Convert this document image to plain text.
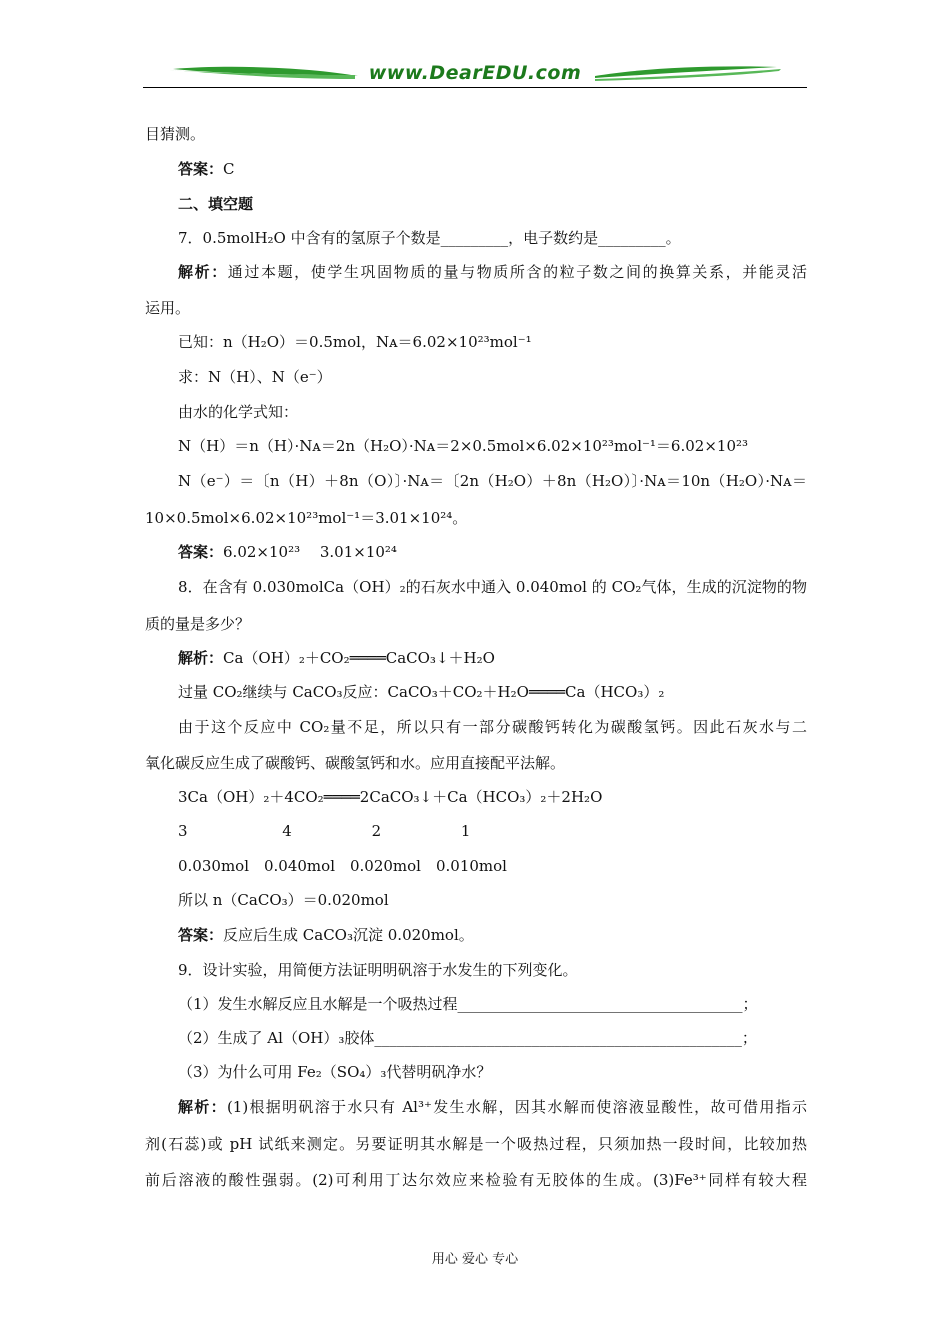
www.DearEDU.com
目猜测。
答案：C
二、填空题
7．0.5molH₂O 中含有的氢原子个数是_________，电子数约是_________。
解析：通过本题，使学生巩固物质的量与物质所含的粒子数之间的换算关系，并能灵活
运用。
已知：n（H₂O）＝0.5mol，Nᴀ＝6.02×10²³mol⁻¹
求：N（H）、N（e⁻）
由水的化学式知：
N（H）＝n（H）·Nᴀ＝2n（H₂O）·Nᴀ＝2×0.5mol×6.02×10²³mol⁻¹＝6.02×10²³
N（e⁻）＝〔n（H）＋8n（O）〕·Nᴀ＝〔2n（H₂O）＋8n（H₂O）〕·Nᴀ＝10n（H₂O）·Nᴀ＝
10×0.5mol×6.02×10²³mol⁻¹＝3.01×10²⁴。
答案：6.02×10²³　 3.01×10²⁴
8．在含有 0.030molCa（OH）₂的石灰水中通入 0.040mol 的 CO₂气体，生成的沉淀物的物
质的量是多少？
解析：Ca（OH）₂＋CO₂════CaCO₃↓＋H₂O
过量 CO₂继续与 CaCO₃反应：CaCO₃＋CO₂＋H₂O════Ca（HCO₃）₂
由于这个反应中 CO₂量不足，所以只有一部分碳酸钙转化为碳酸氢钙。因此石灰水与二
氧化碳反应生成了碳酸钙、碳酸氢钙和水。应用直接配平法解。
3Ca（OH）₂＋4CO₂════2CaCO₃↓＋Ca（HCO₃）₂＋2H₂O
3　　　　　　 4　　　　　 2　　　　　 1
0.030mol　0.040mol　0.020mol　0.010mol
所以 n（CaCO₃）＝0.020mol
答案：反应后生成 CaCO₃沉淀 0.020mol。
9．设计实验，用简便方法证明明矾溶于水发生的下列变化。
（1）发生水解反应且水解是一个吸热过程______________________________________；
（2）生成了 Al（OH）₃胶体_________________________________________________；
（3）为什么可用 Fe₂（SO₄）₃代替明矾净水？
解析：(1)根据明矾溶于水只有 Al³⁺发生水解，因其水解而使溶液显酸性，故可借用指示
剂(石蕊)或 pH 试纸来测定。另要证明其水解是一个吸热过程，只须加热一段时间，比较加热
前后溶液的酸性强弱。(2)可利用丁达尔效应来检验有无胶体的生成。(3)Fe³⁺同样有较大程
用心 爱心 专心
